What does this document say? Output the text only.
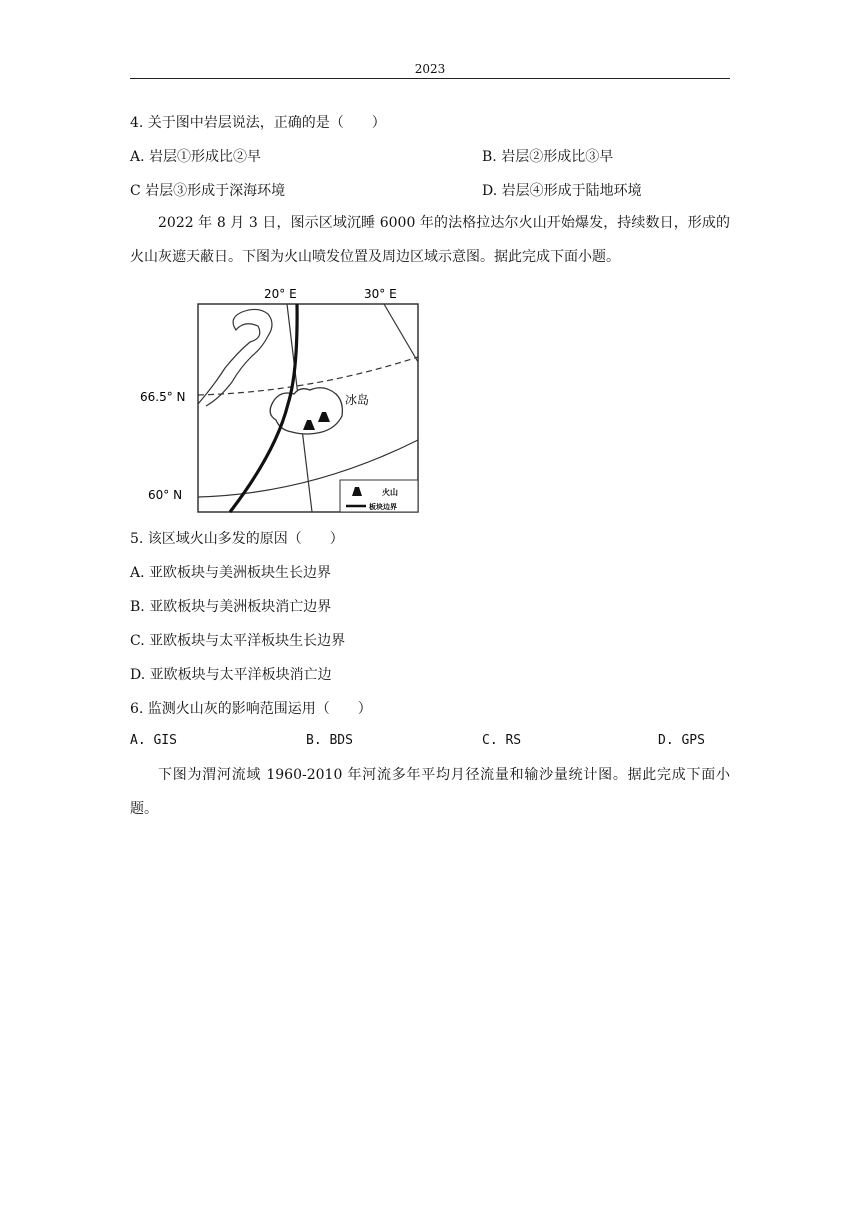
2023
4. 关于图中岩层说法，正确的是（　　）
A. 岩层①形成比②早	B. 岩层②形成比③早
C 岩层③形成于深海环境	D. 岩层④形成于陆地环境
2022 年 8 月 3 日，图示区域沉睡 6000 年的法格拉达尔火山开始爆发，持续数日，形成的火山灰遮天蔽日。下图为火山喷发位置及周边区域示意图。据此完成下面小题。
20° E	30° E
66.5° N
60° N
冰岛
火山
板块边界
5. 该区域火山多发的原因（　　）
A. 亚欧板块与美洲板块生长边界
B. 亚欧板块与美洲板块消亡边界
C. 亚欧板块与太平洋板块生长边界
D. 亚欧板块与太平洋板块消亡边
6. 监测火山灰的影响范围运用（　　）
A. GIS	B. BDS	C. RS	D. GPS
下图为渭河流域 1960-2010 年河流多年平均月径流量和输沙量统计图。据此完成下面小题。
